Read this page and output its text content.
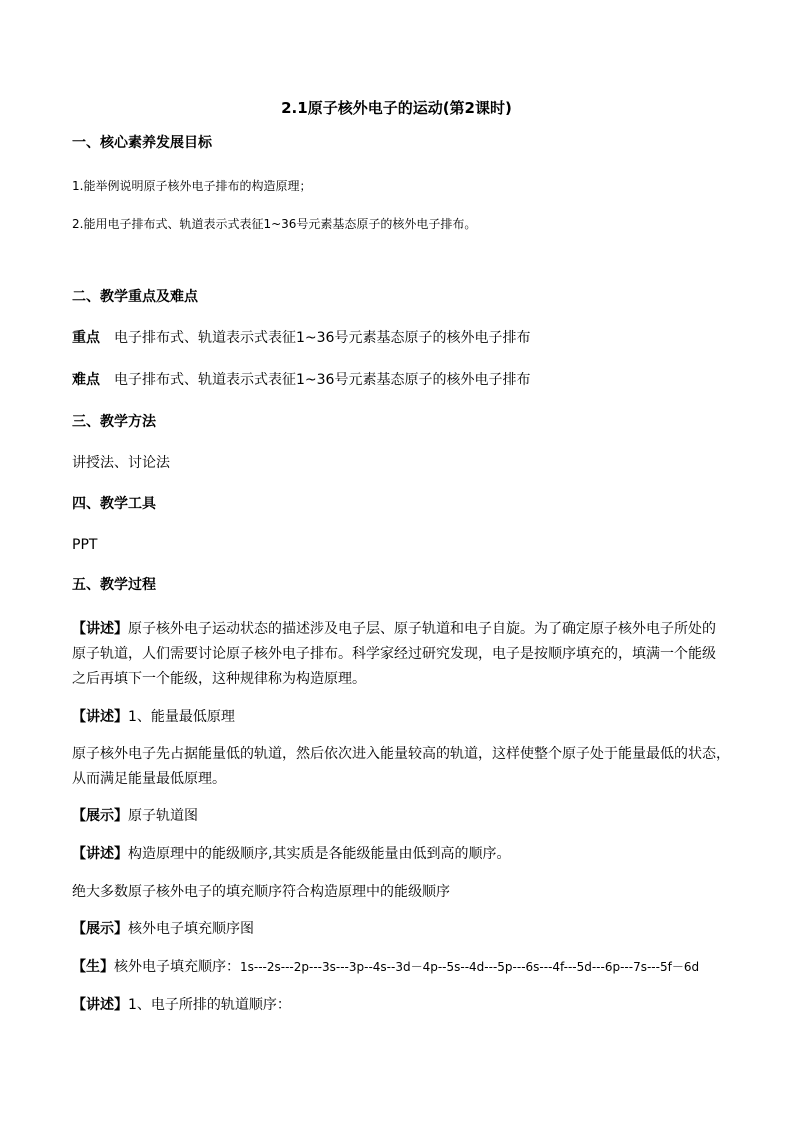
2.1原子核外电子的运动(第2课时)
一、核心素养发展目标
1.能举例说明原子核外电子排布的构造原理；
2.能用电子排布式、轨道表示式表征1~36号元素基态原子的核外电子排布。
二、教学重点及难点
重点 电子排布式、轨道表示式表征1~36号元素基态原子的核外电子排布
难点 电子排布式、轨道表示式表征1~36号元素基态原子的核外电子排布
三、教学方法
讲授法、讨论法
四、教学工具
PPT
五、教学过程
【讲述】原子核外电子运动状态的描述涉及电子层、原子轨道和电子自旋。为了确定原子核外电子所处的
原子轨道，人们需要讨论原子核外电子排布。科学家经过研究发现，电子是按顺序填充的，填满一个能级
之后再填下一个能级，这种规律称为构造原理。
【讲述】1、能量最低原理
原子核外电子先占据能量低的轨道，然后依次进入能量较高的轨道，这样使整个原子处于能量最低的状态，
从而满足能量最低原理。
【展示】原子轨道图
【讲述】构造原理中的能级顺序,其实质是各能级能量由低到高的顺序。
绝大多数原子核外电子的填充顺序符合构造原理中的能级顺序
【展示】核外电子填充顺序图
【生】核外电子填充顺序：1s---2s---2p---3s---3p--4s--3d－4p--5s--4d---5p---6s---4f---5d---6p---7s---5f－6d
【讲述】1、电子所排的轨道顺序：
